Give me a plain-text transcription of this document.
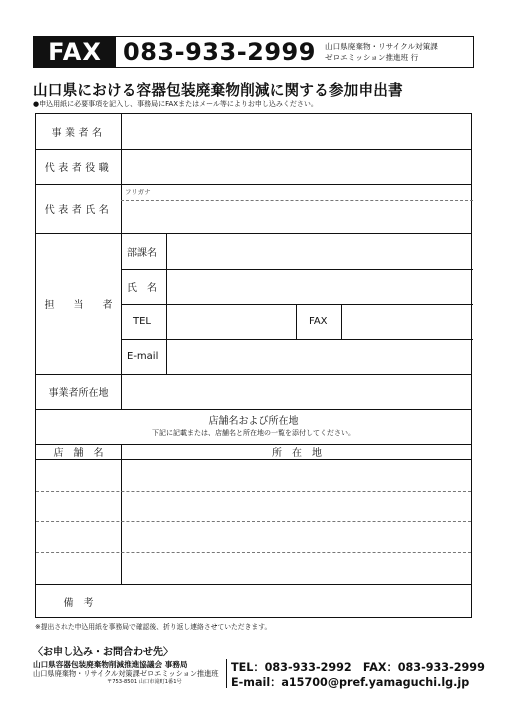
FAX 083-933-2999	山口県廃棄物・リサイクル対策課
ゼロエミッション推進班 行
山口県における容器包装廃棄物削減に関する参加申出書
●申込用紙に必要事項を記入し、事務局にFAXまたはメール等によりお申し込みください。
事業者名
代表者役職
フリガナ
代表者氏名
担当者
部課名
氏　名
TEL	FAX
E-mail
事業者所在地
店舗名および所在地
下記に記載または、店舗名と所在地の一覧を添付してください。
店　舗　名	所　在　地
備　考
※提出された申込用紙を事務局で確認後、折り返し連絡させていただきます。
〈お申し込み・お問合わせ先〉
山口県容器包装廃棄物削減推進協議会 事務局
山口県廃棄物・リサイクル対策課ゼロエミッション推進班
〒753-8501 山口市滝町1番1号
TEL：083-933-2992　FAX：083-933-2999
E-mail：a15700@pref.yamaguchi.lg.jp
